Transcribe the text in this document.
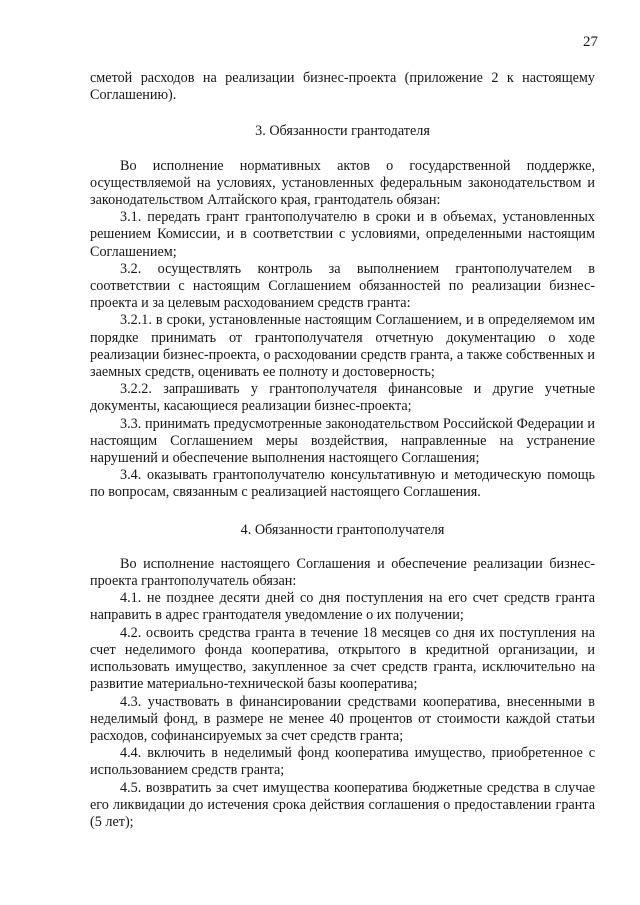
27

сметой расходов на реализации бизнес-проекта (приложение 2 к настоящему Соглашению).

3. Обязанности грантодателя

Во исполнение нормативных актов о государственной поддержке, осуществляемой на условиях, установленных федеральным законодательством и законодательством Алтайского края, грантодатель обязан:

3.1. передать грант грантополучателю в сроки и в объемах, установленных решением Комиссии, и в соответствии с условиями, определенными настоящим Соглашением;

3.2. осуществлять контроль за выполнением грантополучателем в соответствии с настоящим Соглашением обязанностей по реализации бизнес-проекта и за целевым расходованием средств гранта:

3.2.1. в сроки, установленные настоящим Соглашением, и в определяемом им порядке принимать от грантополучателя отчетную документацию о ходе реализации бизнес-проекта, о расходовании средств гранта, а также собственных и заемных средств, оценивать ее полноту и достоверность;

3.2.2. запрашивать у грантополучателя финансовые и другие учетные документы, касающиеся реализации бизнес-проекта;

3.3. принимать предусмотренные законодательством Российской Федерации и настоящим Соглашением меры воздействия, направленные на устранение нарушений и обеспечение выполнения настоящего Соглашения;

3.4. оказывать грантополучателю консультативную и методическую помощь по вопросам, связанным с реализацией настоящего Соглашения.

4. Обязанности грантополучателя

Во исполнение настоящего Соглашения и обеспечение реализации бизнес-проекта грантополучатель обязан:

4.1. не позднее десяти дней со дня поступления на его счет средств гранта направить в адрес грантодателя уведомление о их получении;

4.2. освоить средства гранта в течение 18 месяцев со дня их поступления на счет неделимого фонда кооператива, открытого в кредитной организации, и использовать имущество, закупленное за счет средств гранта, исключительно на развитие материально-технической базы кооператива;

4.3. участвовать в финансировании средствами кооператива, внесенными в неделимый фонд, в размере не менее 40 процентов от стоимости каждой статьи расходов, софинансируемых за счет средств гранта;

4.4. включить в неделимый фонд кооператива имущество, приобретенное с использованием средств гранта;

4.5. возвратить за счет имущества кооператива бюджетные средства в случае его ликвидации до истечения срока действия соглашения о предоставлении гранта (5 лет);
